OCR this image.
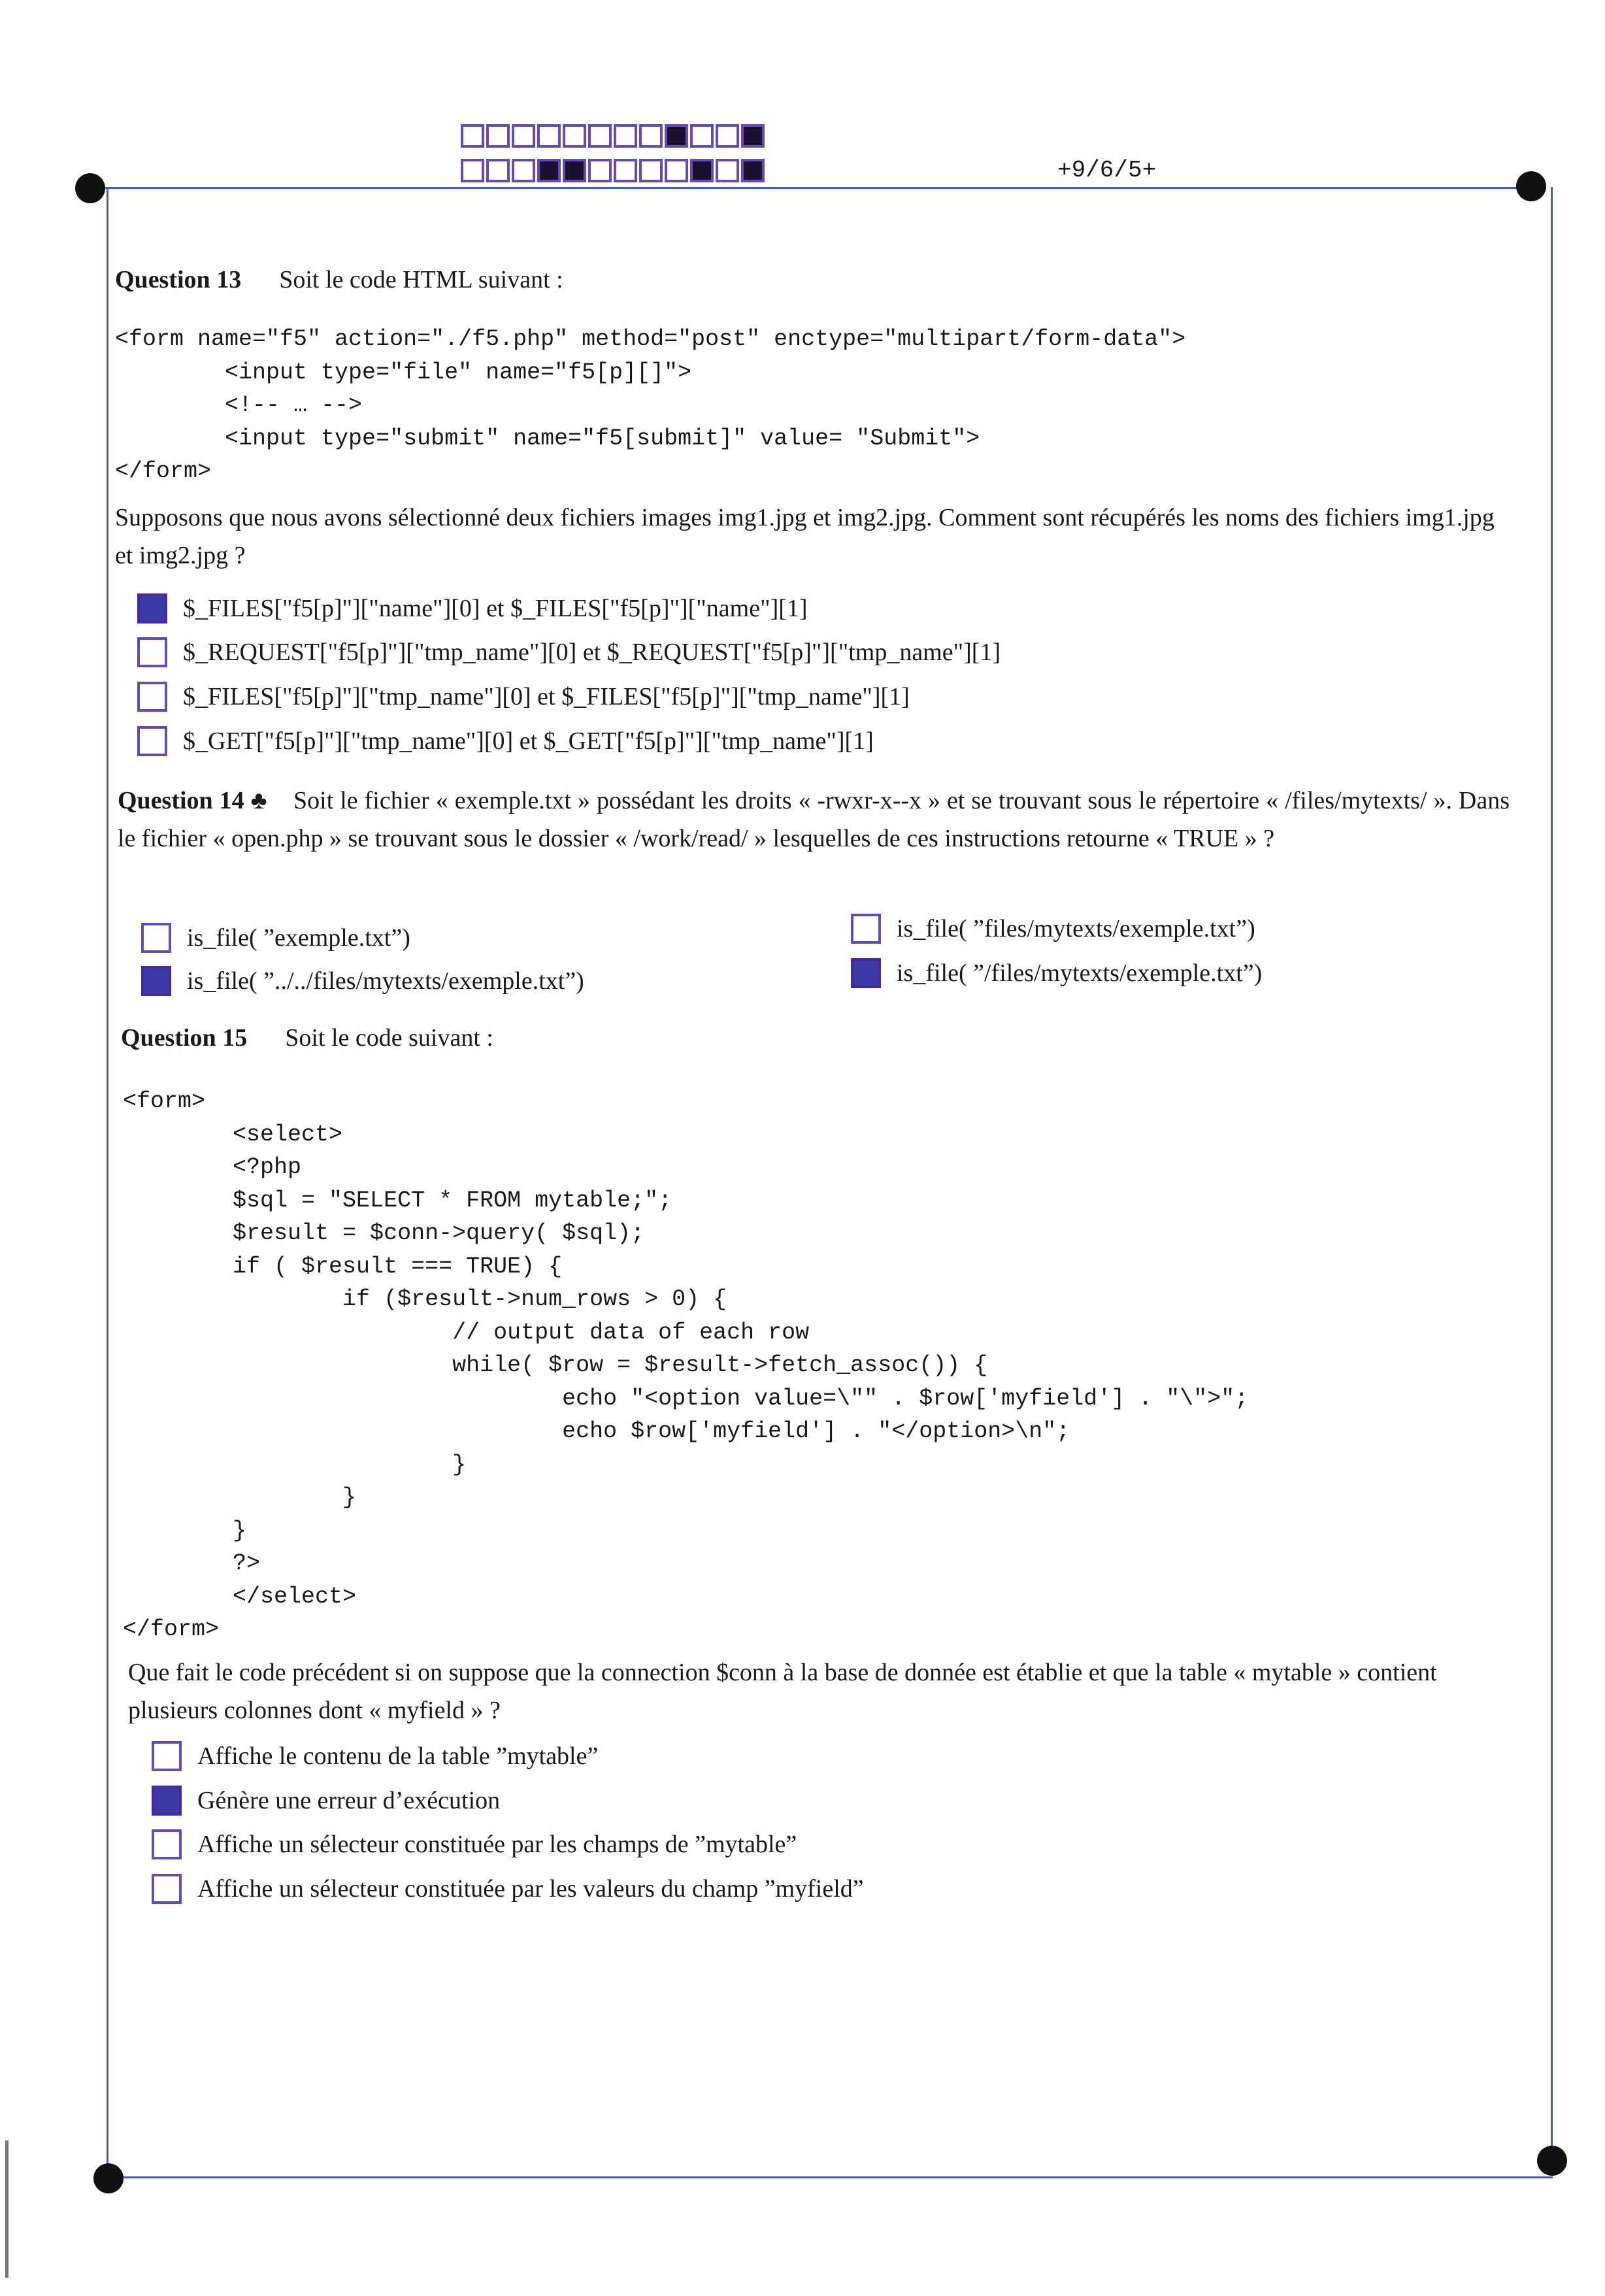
+9/6/5+
Question 13 Soit le code HTML suivant :
<form name="f5" action="./f5.php" method="post" enctype="multipart/form-data">
<input type="file" name="f5[p][]">
<!-- … -->
<input type="submit" name="f5[submit]" value= "Submit">
</form>
Supposons que nous avons sélectionné deux fichiers images img1.jpg et img2.jpg. Comment sont récupérés les noms des fichiers img1.jpg et img2.jpg ?
$_FILES["f5[p]"]["name"][0] et $_FILES["f5[p]"]["name"][1]
$_REQUEST["f5[p]"]["tmp_name"][0] et $_REQUEST["f5[p]"]["tmp_name"][1]
$_FILES["f5[p]"]["tmp_name"][0] et $_FILES["f5[p]"]["tmp_name"][1]
$_GET["f5[p]"]["tmp_name"][0] et $_GET["f5[p]"]["tmp_name"][1]
Question 14 ♣ Soit le fichier « exemple.txt » possédant les droits « -rwxr-x--x » et se trouvant sous le répertoire « /files/mytexts/ ». Dans le fichier « open.php » se trouvant sous le dossier « /work/read/ » lesquelles de ces instructions retourne « TRUE » ?
is_file( ”exemple.txt”)
is_file( ”../../files/mytexts/exemple.txt”)
is_file( ”files/mytexts/exemple.txt”)
is_file( ”/files/mytexts/exemple.txt”)
Question 15 Soit le code suivant :
<form>
<select>
<?php
$sql = "SELECT * FROM mytable;";
$result = $conn->query( $sql);
if ( $result === TRUE) {
if ($result->num_rows > 0) {
// output data of each row
while( $row = $result->fetch_assoc()) {
echo "<option value=\"" . $row['myfield'] . "\">";
echo $row['myfield'] . "</option>\n";
}
}
}
?>
</select>
</form>
Que fait le code précédent si on suppose que la connection $conn à la base de donnée est établie et que la table « mytable » contient plusieurs colonnes dont « myfield » ?
Affiche le contenu de la table ”mytable”
Génère une erreur d’exécution
Affiche un sélecteur constituée par les champs de ”mytable”
Affiche un sélecteur constituée par les valeurs du champ ”myfield”
